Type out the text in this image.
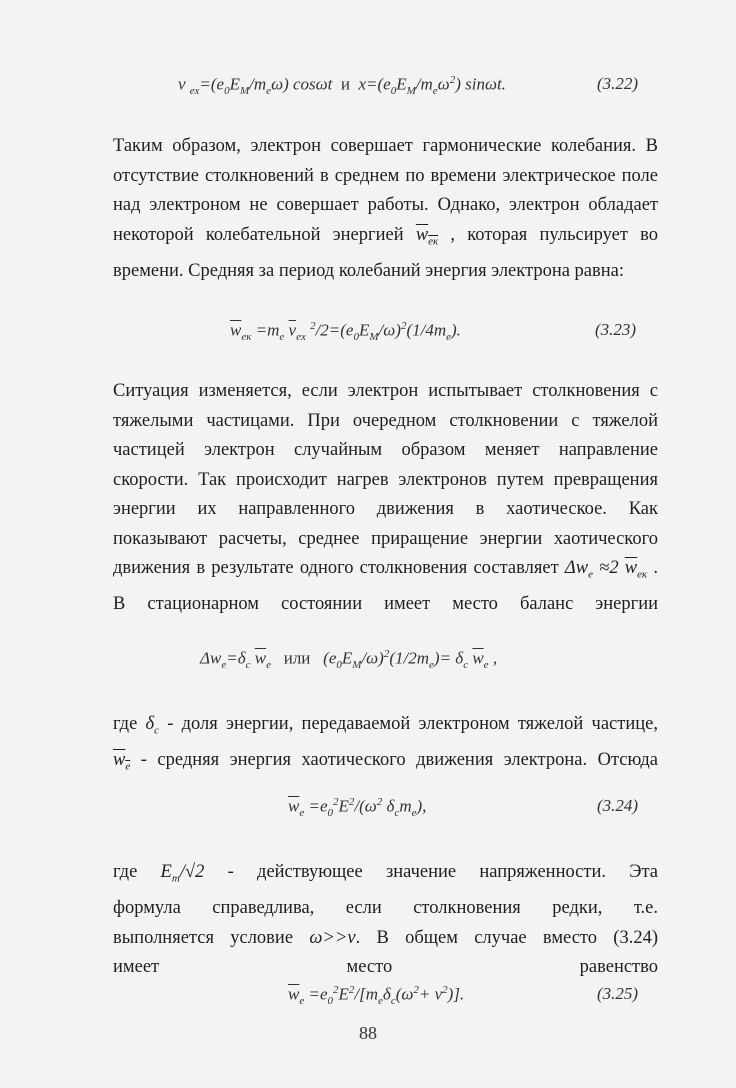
v $_{ех}=(e_0E_M/m_e\omega)$ cosωt  и  $x=(e_0E_M/m_e\omega^2)$ sinωt.	(3.22)
Таким образом, электрон совершает гармонические колебания. В
отсутствие столкновений в среднем по времени электрическое поле
над электроном не совершает работы. Однако, электрон обладает
некоторой колебательной энергией $w_{ек}$ , которая пульсирует во
времени. Средняя за период колебаний энергия электрона равна:
$\overline{w}_{ек} =m_e$ $\overline{v}_{ex}$ $^2/2=(e_0E_M/\omega)^2(1/4m_e)$.	(3.23)
Ситуация изменяется, если электрон испытывает столкновения с
тяжелыми частицами. При очередном столкновении с тяжелой
частицей электрон случайным образом меняет направление
скорости. Так происходит нагрев электронов путем превращения
энергии их направленного движения в хаотическое. Как
показывают расчеты, среднее приращение энергии хаотического
движения в результате одного столкновения составляет $\Delta w_e \approx 2$ $\overline{w}_{ек}$ .
В стационарном состоянии имеет место баланс энергии
$\Delta w_e=\delta_c$ $\overline{w}_e$ или   $(e_0E_M/\omega)^2(1/2m_e)= \delta_c$ $\overline{w}_e$ ,
где $\delta_c$ - доля энергии, передаваемой электроном тяжелой частице,
$w_e$ - средняя энергия хаотического движения электрона. Отсюда
$\overline{w}_e =e_0^2E^2/(\omega^2$ $\delta_cm_e$),	(3.24)
где $E_m/√2$ - действующее значение напряженности. Эта
формула справедлива, если столкновения редки, т.е.
выполняется условие ω>>ν. В общем случае вместо (3.24)
имеет место равенство
$\overline{w}_e =e_0^2E^2/[m_e\delta_c(\omega^2+ \nu^2)]$.	(3.25)
88
